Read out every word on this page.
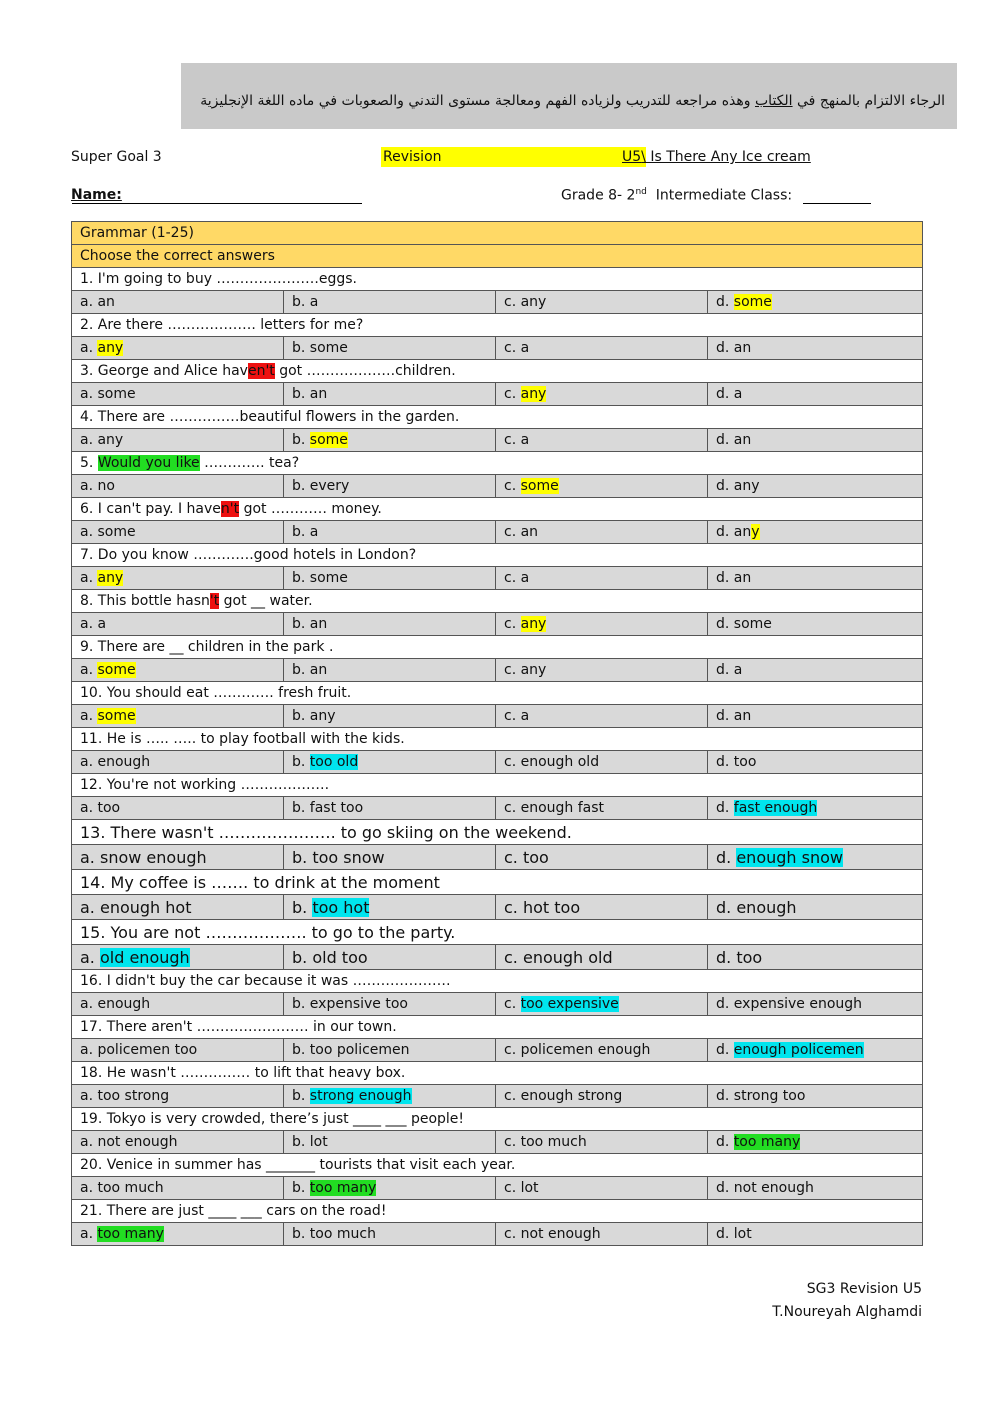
الرجاء الالتزام بالمنهج في الكتاب وهذه مراجعه للتدريب ولزياده الفهم ومعالجة مستوى التدني والصعوبات في ماده اللغة الإنجليزية
Super Goal 3	Revision	U5\ Is There Any Ice cream
Name:	Grade 8- 2nd Intermediate Class:
Grammar (1-25)			
Choose the correct answers			
1. I'm going to buy ………………….eggs.			
a. an	b. a	c. any	d. some
2. Are there ………………. letters for me?			
a. any	b. some	c. a	d. an
3. George and Alice haven't got ……………….children.			
a. some	b. an	c. any	d. a
4. There are ……………beautiful flowers in the garden.			
a. any	b. some	c. a	d. an
5. Would you like …………. tea?			
a. no	b. every	c. some	d. any
6. I can't pay. I haven't got ………… money.			
a. some	b. a	c. an	d. any
7. Do you know ………….good hotels in London?			
a. any	b. some	c. a	d. an
8. This bottle hasn't got __ water.			
a. a	b. an	c. any	d. some
9. There are __ children in the park .			
a. some	b. an	c. any	d. a
10. You should eat …………. fresh fruit.			
a. some	b. any	c. a	d. an
11. He is ….. ….. to play football with the kids.			
a. enough	b. too old	c. enough old	d. too
12. You're not working ……………….			
a. too	b. fast too	c. enough fast	d. fast enough
13. There wasn't …………………. to go skiing on the weekend.			
a. snow enough	b. too snow	c. too	d. enough snow
14. My coffee is ……. to drink at the moment			
a. enough hot	b. too hot	c. hot too	d. enough
15. You are not ………………. to go to the party.			
a. old enough	b. old too	c. enough old	d. too
16. I didn't buy the car because it was …………………			
a. enough	b. expensive too	c. too expensive	d. expensive enough
17. There aren't …………………… in our town.			
a. policemen too	b. too policemen	c. policemen enough	d. enough policemen
18. He wasn't …………… to lift that heavy box.			
a. too strong	b. strong enough	c. enough strong	d. strong too
19. Tokyo is very crowded, there’s just ____ ___ people!			
a. not enough	b. lot	c. too much	d. too many
20. Venice in summer has _______ tourists that visit each year.			
a. too much	b. too many	c. lot	d. not enough
21. There are just ____ ___ cars on the road!			
a. too many	b. too much	c. not enough	d. lot
SG3 Revision U5
T.Noureyah Alghamdi
